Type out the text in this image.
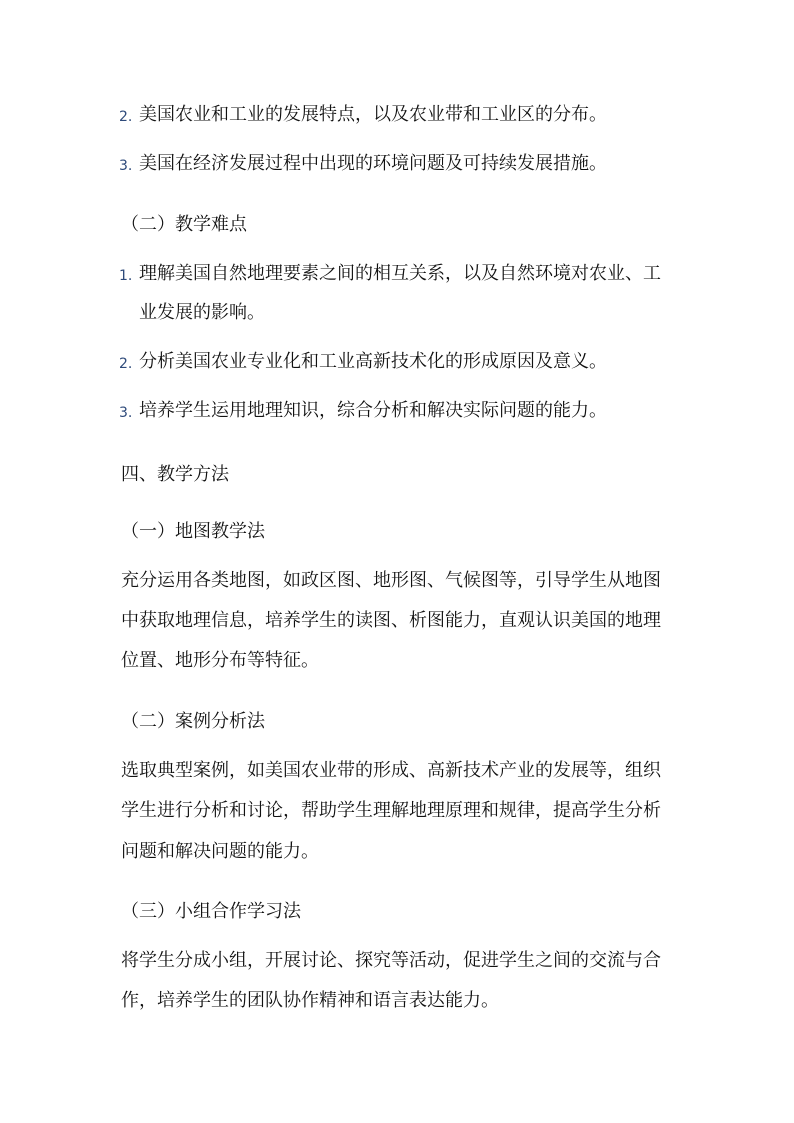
2. 美国农业和工业的发展特点，以及农业带和工业区的分布。
3. 美国在经济发展过程中出现的环境问题及可持续发展措施。
（二）教学难点
1. 理解美国自然地理要素之间的相互关系，以及自然环境对农业、工
业发展的影响。
2. 分析美国农业专业化和工业高新技术化的形成原因及意义。
3. 培养学生运用地理知识，综合分析和解决实际问题的能力。
四、教学方法
（一）地图教学法
充分运用各类地图，如政区图、地形图、气候图等，引导学生从地图
中获取地理信息，培养学生的读图、析图能力，直观认识美国的地理
位置、地形分布等特征。
（二）案例分析法
选取典型案例，如美国农业带的形成、高新技术产业的发展等，组织
学生进行分析和讨论，帮助学生理解地理原理和规律，提高学生分析
问题和解决问题的能力。
（三）小组合作学习法
将学生分成小组，开展讨论、探究等活动，促进学生之间的交流与合
作，培养学生的团队协作精神和语言表达能力。
